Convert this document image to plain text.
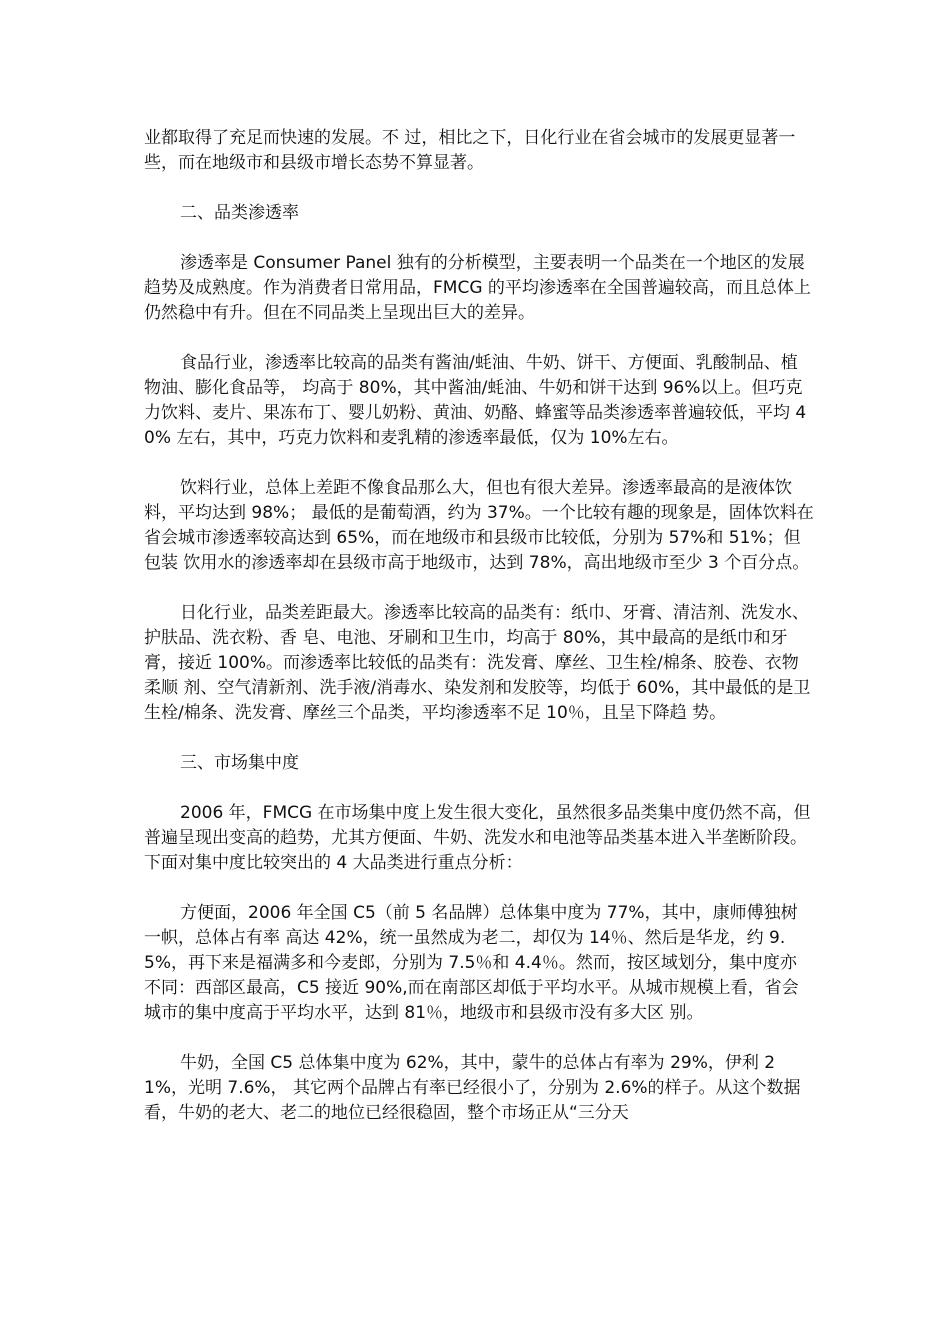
业都取得了充足而快速的发展。不 过，相比之下，日化行业在省会城市的发展更显著一些，而在地级市和县级市增长态势不算显著。

二、品类渗透率

渗透率是 Consumer Panel 独有的分析模型，主要表明一个品类在一个地区的发展趋势及成熟度。作为消费者日常用品，FMCG 的平均渗透率在全国普遍较高，而且总体上仍然稳中有升。但在不同品类上呈现出巨大的差异。

食品行业，渗透率比较高的品类有酱油/蚝油、牛奶、饼干、方便面、乳酸制品、植物油、膨化食品等， 均高于 80%，其中酱油/蚝油、牛奶和饼干达到 96%以上。但巧克力饮料、麦片、果冻布丁、婴儿奶粉、黄油、奶酪、蜂蜜等品类渗透率普遍较低，平均 40% 左右，其中，巧克力饮料和麦乳精的渗透率最低，仅为 10%左右。

饮料行业，总体上差距不像食品那么大，但也有很大差异。渗透率最高的是液体饮料，平均达到 98%； 最低的是葡萄酒，约为 37%。一个比较有趣的现象是，固体饮料在省会城市渗透率较高达到 65%，而在地级市和县级市比较低，分别为 57%和 51%；但包装 饮用水的渗透率却在县级市高于地级市，达到 78%，高出地级市至少 3 个百分点。

日化行业，品类差距最大。渗透率比较高的品类有：纸巾、牙膏、清洁剂、洗发水、护肤品、洗衣粉、香 皂、电池、牙刷和卫生巾，均高于 80%，其中最高的是纸巾和牙膏，接近 100%。而渗透率比较低的品类有：洗发膏、摩丝、卫生栓/棉条、胶卷、衣物柔顺 剂、空气清新剂、洗手液/消毒水、染发剂和发胶等，均低于 60%，其中最低的是卫生栓/棉条、洗发膏、摩丝三个品类，平均渗透率不足 10％，且呈下降趋 势。

三、市场集中度

2006 年，FMCG 在市场集中度上发生很大变化，虽然很多品类集中度仍然不高，但普遍呈现出变高的趋势，尤其方便面、牛奶、洗发水和电池等品类基本进入半垄断阶段。下面对集中度比较突出的 4 大品类进行重点分析：

方便面，2006 年全国 C5（前 5 名品牌）总体集中度为 77%，其中，康师傅独树一帜，总体占有率 高达 42%，统一虽然成为老二，却仅为 14％、然后是华龙，约 9.5%，再下来是福满多和今麦郎，分别为 7.5％和 4.4％。然而，按区域划分，集中度亦 不同：西部区最高，C5 接近 90%,而在南部区却低于平均水平。从城市规模上看，省会城市的集中度高于平均水平，达到 81％，地级市和县级市没有多大区 别。

牛奶，全国 C5 总体集中度为 62%，其中，蒙牛的总体占有率为 29%，伊利 21%，光明 7.6%， 其它两个品牌占有率已经很小了，分别为 2.6%的样子。从这个数据看，牛奶的老大、老二的地位已经很稳固，整个市场正从“三分天
